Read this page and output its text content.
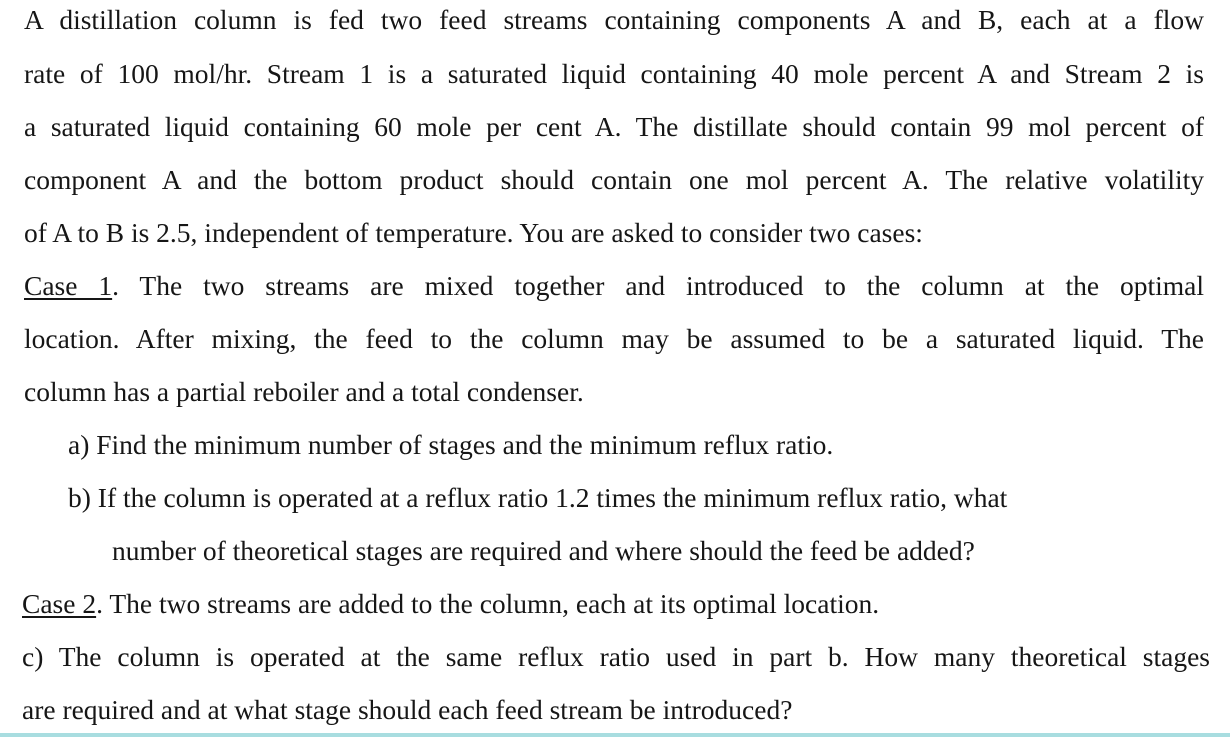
A distillation column is fed two feed streams containing components A and B, each at a flow

rate of 100 mol/hr. Stream 1 is a saturated liquid containing 40 mole percent A and Stream 2 is

a saturated liquid containing 60 mole per cent A. The distillate should contain 99 mol percent of

component A and the bottom product should contain one mol percent A. The relative volatility

of A to B is 2.5, independent of temperature. You are asked to consider two cases:

Case 1. The two streams are mixed together and introduced to the column at the optimal

location. After mixing, the feed to the column may be assumed to be a saturated liquid. The

column has a partial reboiler and a total condenser.

a) Find the minimum number of stages and the minimum reflux ratio.

b) If the column is operated at a reflux ratio 1.2 times the minimum reflux ratio, what

number of theoretical stages are required and where should the feed be added?

Case 2. The two streams are added to the column, each at its optimal location.

c) The column is operated at the same reflux ratio used in part b. How many theoretical stages

are required and at what stage should each feed stream be introduced?
